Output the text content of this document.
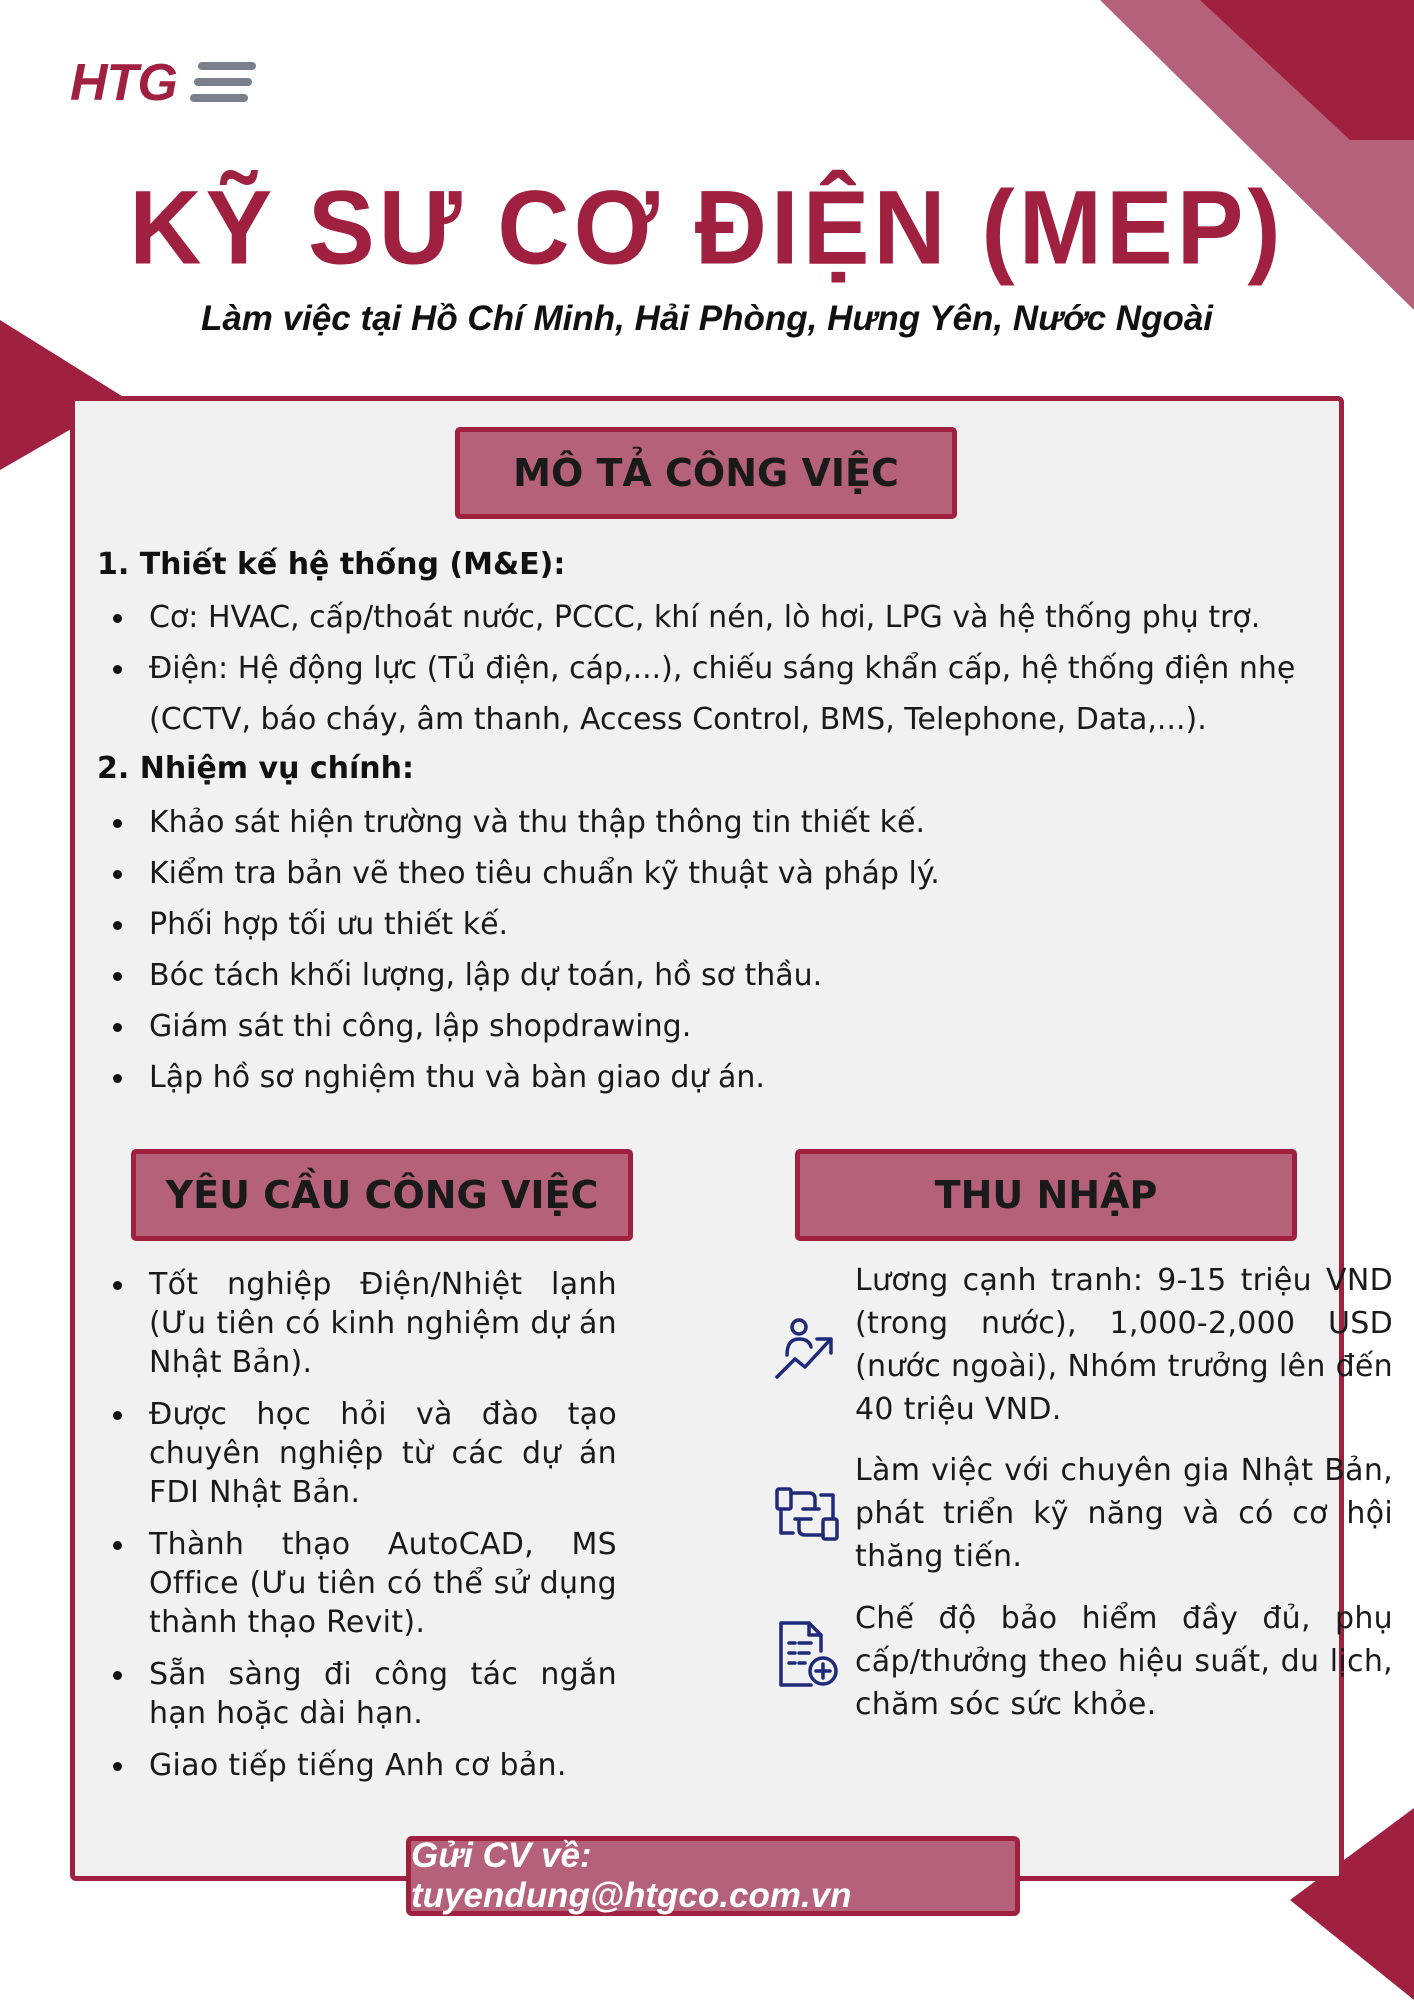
HTG
KỸ SƯ CƠ ĐIỆN (MEP)
Làm việc tại Hồ Chí Minh, Hải Phòng, Hưng Yên, Nước Ngoài
MÔ TẢ CÔNG VIỆC
1. Thiết kế hệ thống (M&E):
Cơ: HVAC, cấp/thoát nước, PCCC, khí nén, lò hơi, LPG và hệ thống phụ trợ.
Điện: Hệ động lực (Tủ điện, cáp,...), chiếu sáng khẩn cấp, hệ thống điện nhẹ (CCTV, báo cháy, âm thanh, Access Control, BMS, Telephone, Data,...).
2. Nhiệm vụ chính:
Khảo sát hiện trường và thu thập thông tin thiết kế.
Kiểm tra bản vẽ theo tiêu chuẩn kỹ thuật và pháp lý.
Phối hợp tối ưu thiết kế.
Bóc tách khối lượng, lập dự toán, hồ sơ thầu.
Giám sát thi công, lập shopdrawing.
Lập hồ sơ nghiệm thu và bàn giao dự án.
YÊU CẦU CÔNG VIỆC	THU NHẬP
Tốt nghiệp Điện/Nhiệt lạnh (Ưu tiên có kinh nghiệm dự án Nhật Bản).
Được học hỏi và đào tạo chuyên nghiệp từ các dự án FDI Nhật Bản.
Thành thạo AutoCAD, MS Office (Ưu tiên có thể sử dụng thành thạo Revit).
Sẵn sàng đi công tác ngắn hạn hoặc dài hạn.
Giao tiếp tiếng Anh cơ bản.
Lương cạnh tranh: 9-15 triệu VND (trong nước), 1,000-2,000 USD (nước ngoài), Nhóm trưởng lên đến 40 triệu VND.
Làm việc với chuyên gia Nhật Bản, phát triển kỹ năng và có cơ hội thăng tiến.
Chế độ bảo hiểm đầy đủ, phụ cấp/thưởng theo hiệu suất, du lịch, chăm sóc sức khỏe.
Gửi CV về: tuyendung@htgco.com.vn
